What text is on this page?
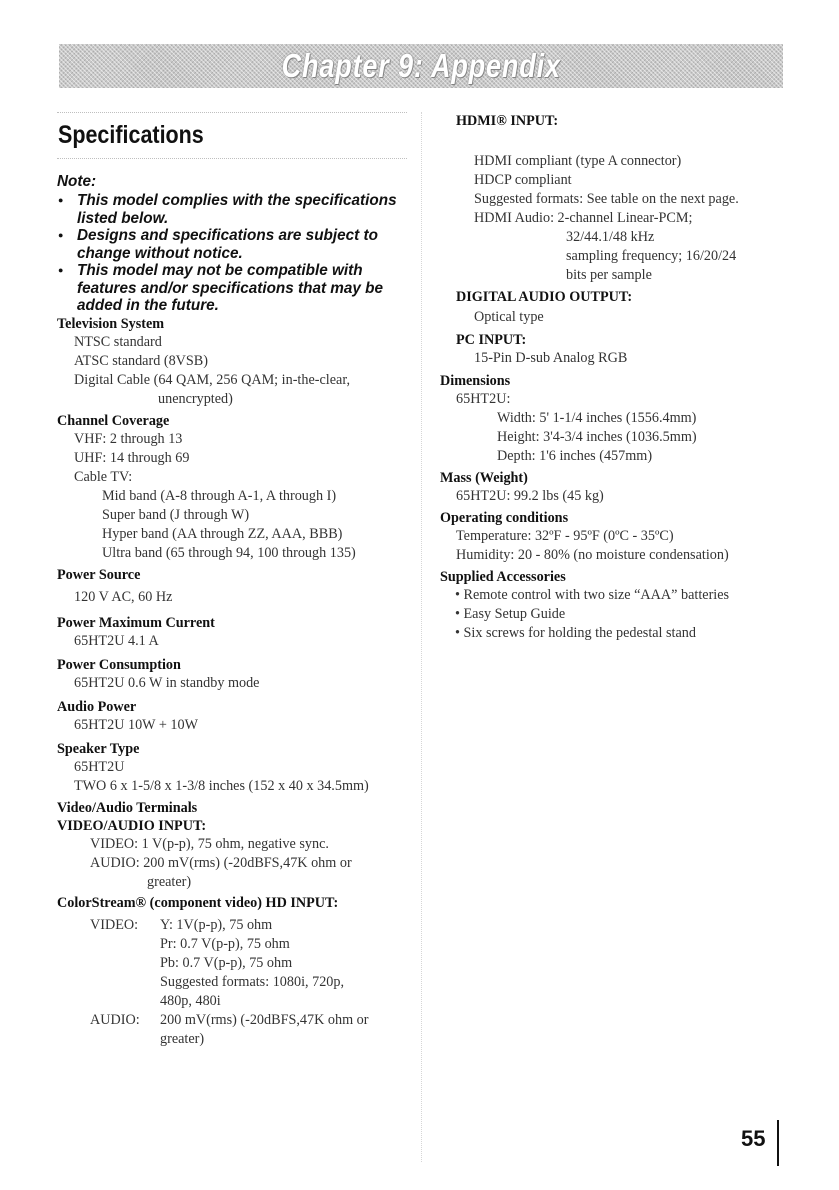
Chapter 9: Appendix
Specifications
Note:
● This model complies with the specifications listed below.
● Designs and specifications are subject to change without notice.
● This model may not be compatible with features and/or specifications that may be added in the future.
Television System
NTSC standard
ATSC standard (8VSB)
Digital Cable (64 QAM, 256 QAM; in-the-clear,
unencrypted)
Channel Coverage
VHF: 2 through 13
UHF: 14 through 69
Cable TV:
Mid band (A-8 through A-1, A through I)
Super band (J through W)
Hyper band (AA through ZZ, AAA, BBB)
Ultra band (65 through 94, 100 through 135)
Power Source
120 V AC, 60 Hz
Power Maximum Current
65HT2U 4.1 A
Power Consumption
65HT2U 0.6 W in standby mode
Audio Power
65HT2U 10W + 10W
Speaker Type
65HT2U
TWO 6 x 1-5/8 x 1-3/8 inches (152 x 40 x 34.5mm)
Video/Audio Terminals
VIDEO/AUDIO INPUT:
VIDEO: 1 V(p-p), 75 ohm, negative sync.
AUDIO: 200 mV(rms) (-20dBFS,47K ohm or
greater)
ColorStream® (component video) HD INPUT:
VIDEO:	Y: 1V(p-p), 75 ohm
Pr: 0.7 V(p-p), 75 ohm
Pb: 0.7 V(p-p), 75 ohm
Suggested formats: 1080i, 720p,
480p, 480i
AUDIO:	200 mV(rms) (-20dBFS,47K ohm or
greater)
HDMI® INPUT:
HDMI compliant (type A connector)
HDCP compliant
Suggested formats: See table on the next page.
HDMI Audio: 2-channel Linear-PCM;
32/44.1/48 kHz
sampling frequency; 16/20/24
bits per sample
DIGITAL AUDIO OUTPUT:
Optical type
PC INPUT:
15-Pin D-sub Analog RGB
Dimensions
65HT2U:
Width: 5' 1-1/4 inches (1556.4mm)
Height: 3'4-3/4 inches (1036.5mm)
Depth: 1'6 inches (457mm)
Mass (Weight)
65HT2U: 99.2 lbs (45 kg)
Operating conditions
Temperature: 32ºF - 95ºF (0ºC - 35ºC)
Humidity: 20 - 80% (no moisture condensation)
Supplied Accessories
• Remote control with two size “AAA” batteries
• Easy Setup Guide
• Six screws for holding the pedestal stand
55
